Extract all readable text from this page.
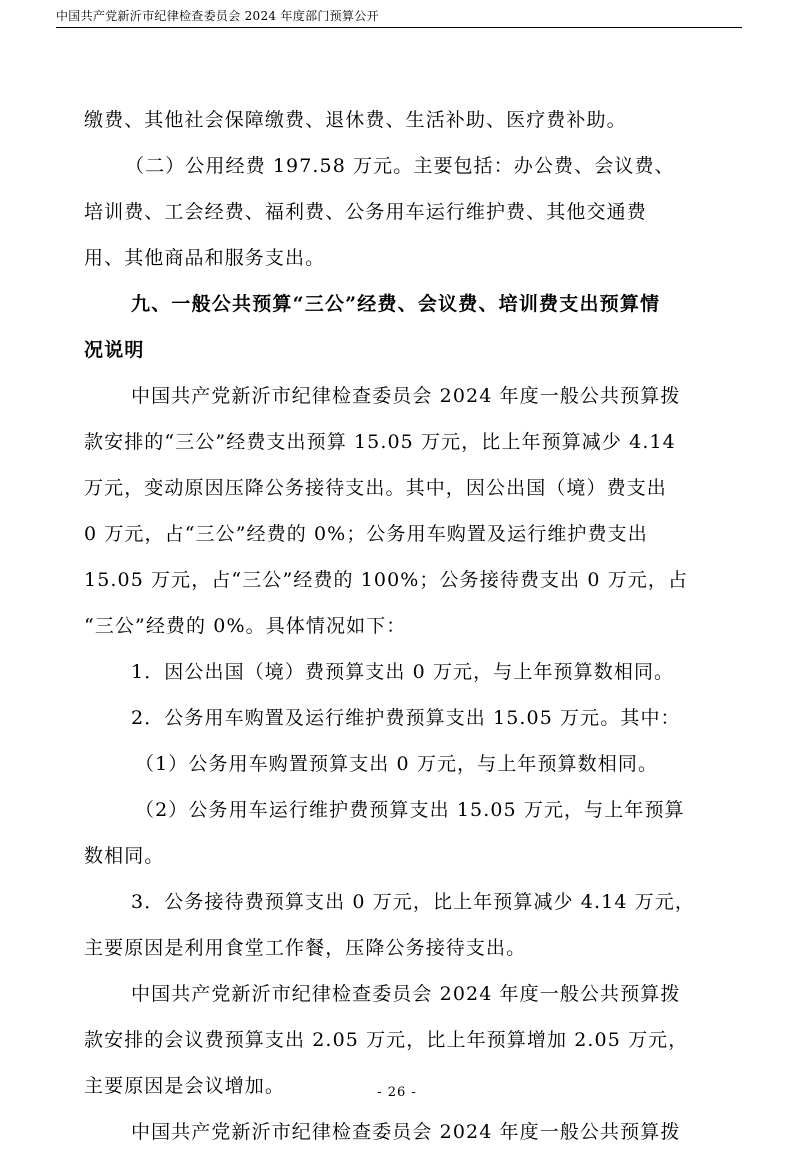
中国共产党新沂市纪律检查委员会 2024 年度部门预算公开
缴费、其他社会保障缴费、退休费、生活补助、医疗费补助。
（二）公用经费 197.58 万元。主要包括：办公费、会议费、
培训费、工会经费、福利费、公务用车运行维护费、其他交通费
用、其他商品和服务支出。
九、一般公共预算“三公”经费、会议费、培训费支出预算情
况说明
中国共产党新沂市纪律检查委员会 2024 年度一般公共预算拨
款安排的“三公”经费支出预算 15.05 万元，比上年预算减少 4.14
万元，变动原因压降公务接待支出。其中，因公出国（境）费支出
0 万元，占“三公”经费的 0%；公务用车购置及运行维护费支出
15.05 万元，占“三公”经费的 100%；公务接待费支出 0 万元，占
“三公”经费的 0%。具体情况如下：
1．因公出国（境）费预算支出 0 万元，与上年预算数相同。
2．公务用车购置及运行维护费预算支出 15.05 万元。其中：
（1）公务用车购置预算支出 0 万元，与上年预算数相同。
（2）公务用车运行维护费预算支出 15.05 万元，与上年预算
数相同。
3．公务接待费预算支出 0 万元，比上年预算减少 4.14 万元，
主要原因是利用食堂工作餐，压降公务接待支出。
中国共产党新沂市纪律检查委员会 2024 年度一般公共预算拨
款安排的会议费预算支出 2.05 万元，比上年预算增加 2.05 万元，
主要原因是会议增加。
中国共产党新沂市纪律检查委员会 2024 年度一般公共预算拨
- 26 -
